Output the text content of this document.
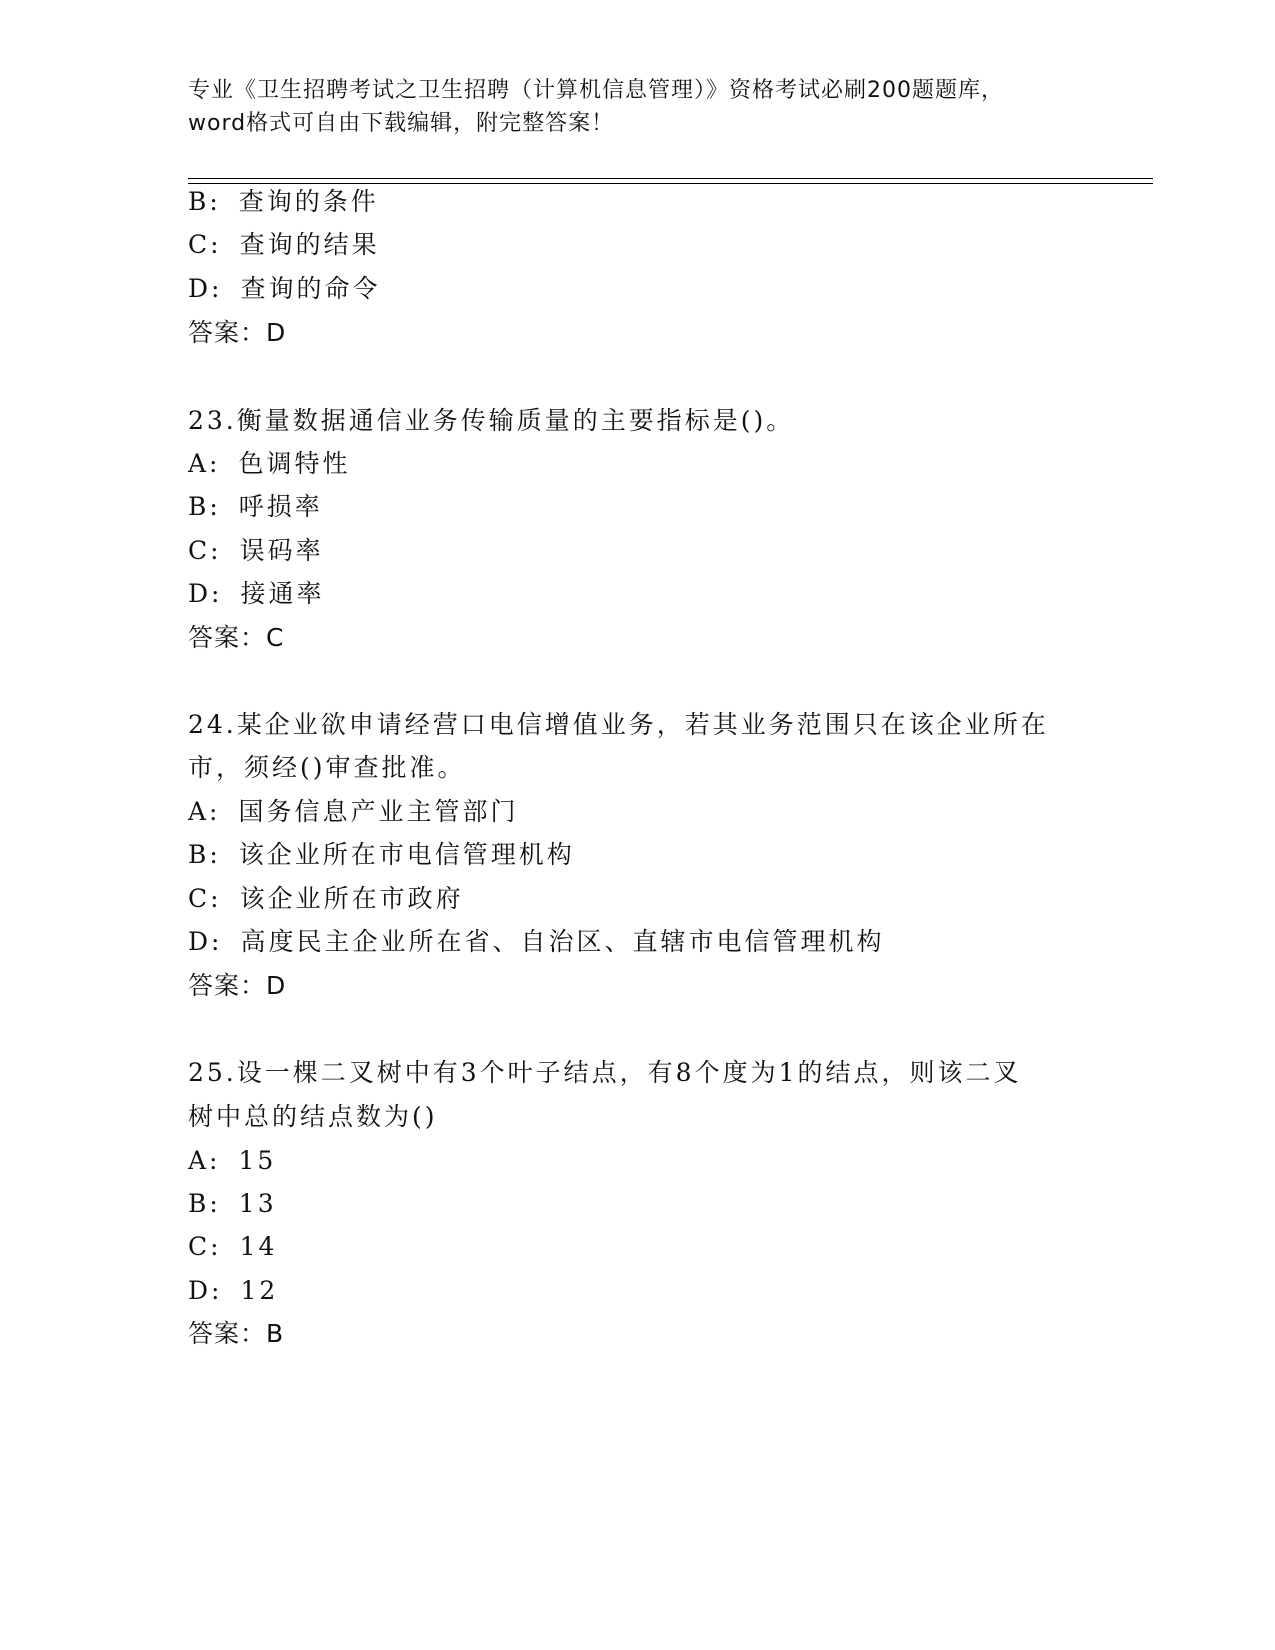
专业《卫生招聘考试之卫生招聘（计算机信息管理）》资格考试必刷200题题库，
word格式可自由下载编辑，附完整答案！
B: 查询的条件
C: 查询的结果
D: 查询的命令
答案：D
23.衡量数据通信业务传输质量的主要指标是()。
A: 色调特性
B: 呼损率
C: 误码率
D: 接通率
答案：C
24.某企业欲申请经营口电信增值业务，若其业务范围只在该企业所在
市，须经()审查批准。
A: 国务信息产业主管部门
B: 该企业所在市电信管理机构
C: 该企业所在市政府
D: 高度民主企业所在省、自治区、直辖市电信管理机构
答案：D
25.设一棵二叉树中有3个叶子结点，有8个度为1的结点，则该二叉
树中总的结点数为()
A: 15
B: 13
C: 14
D: 12
答案：B
